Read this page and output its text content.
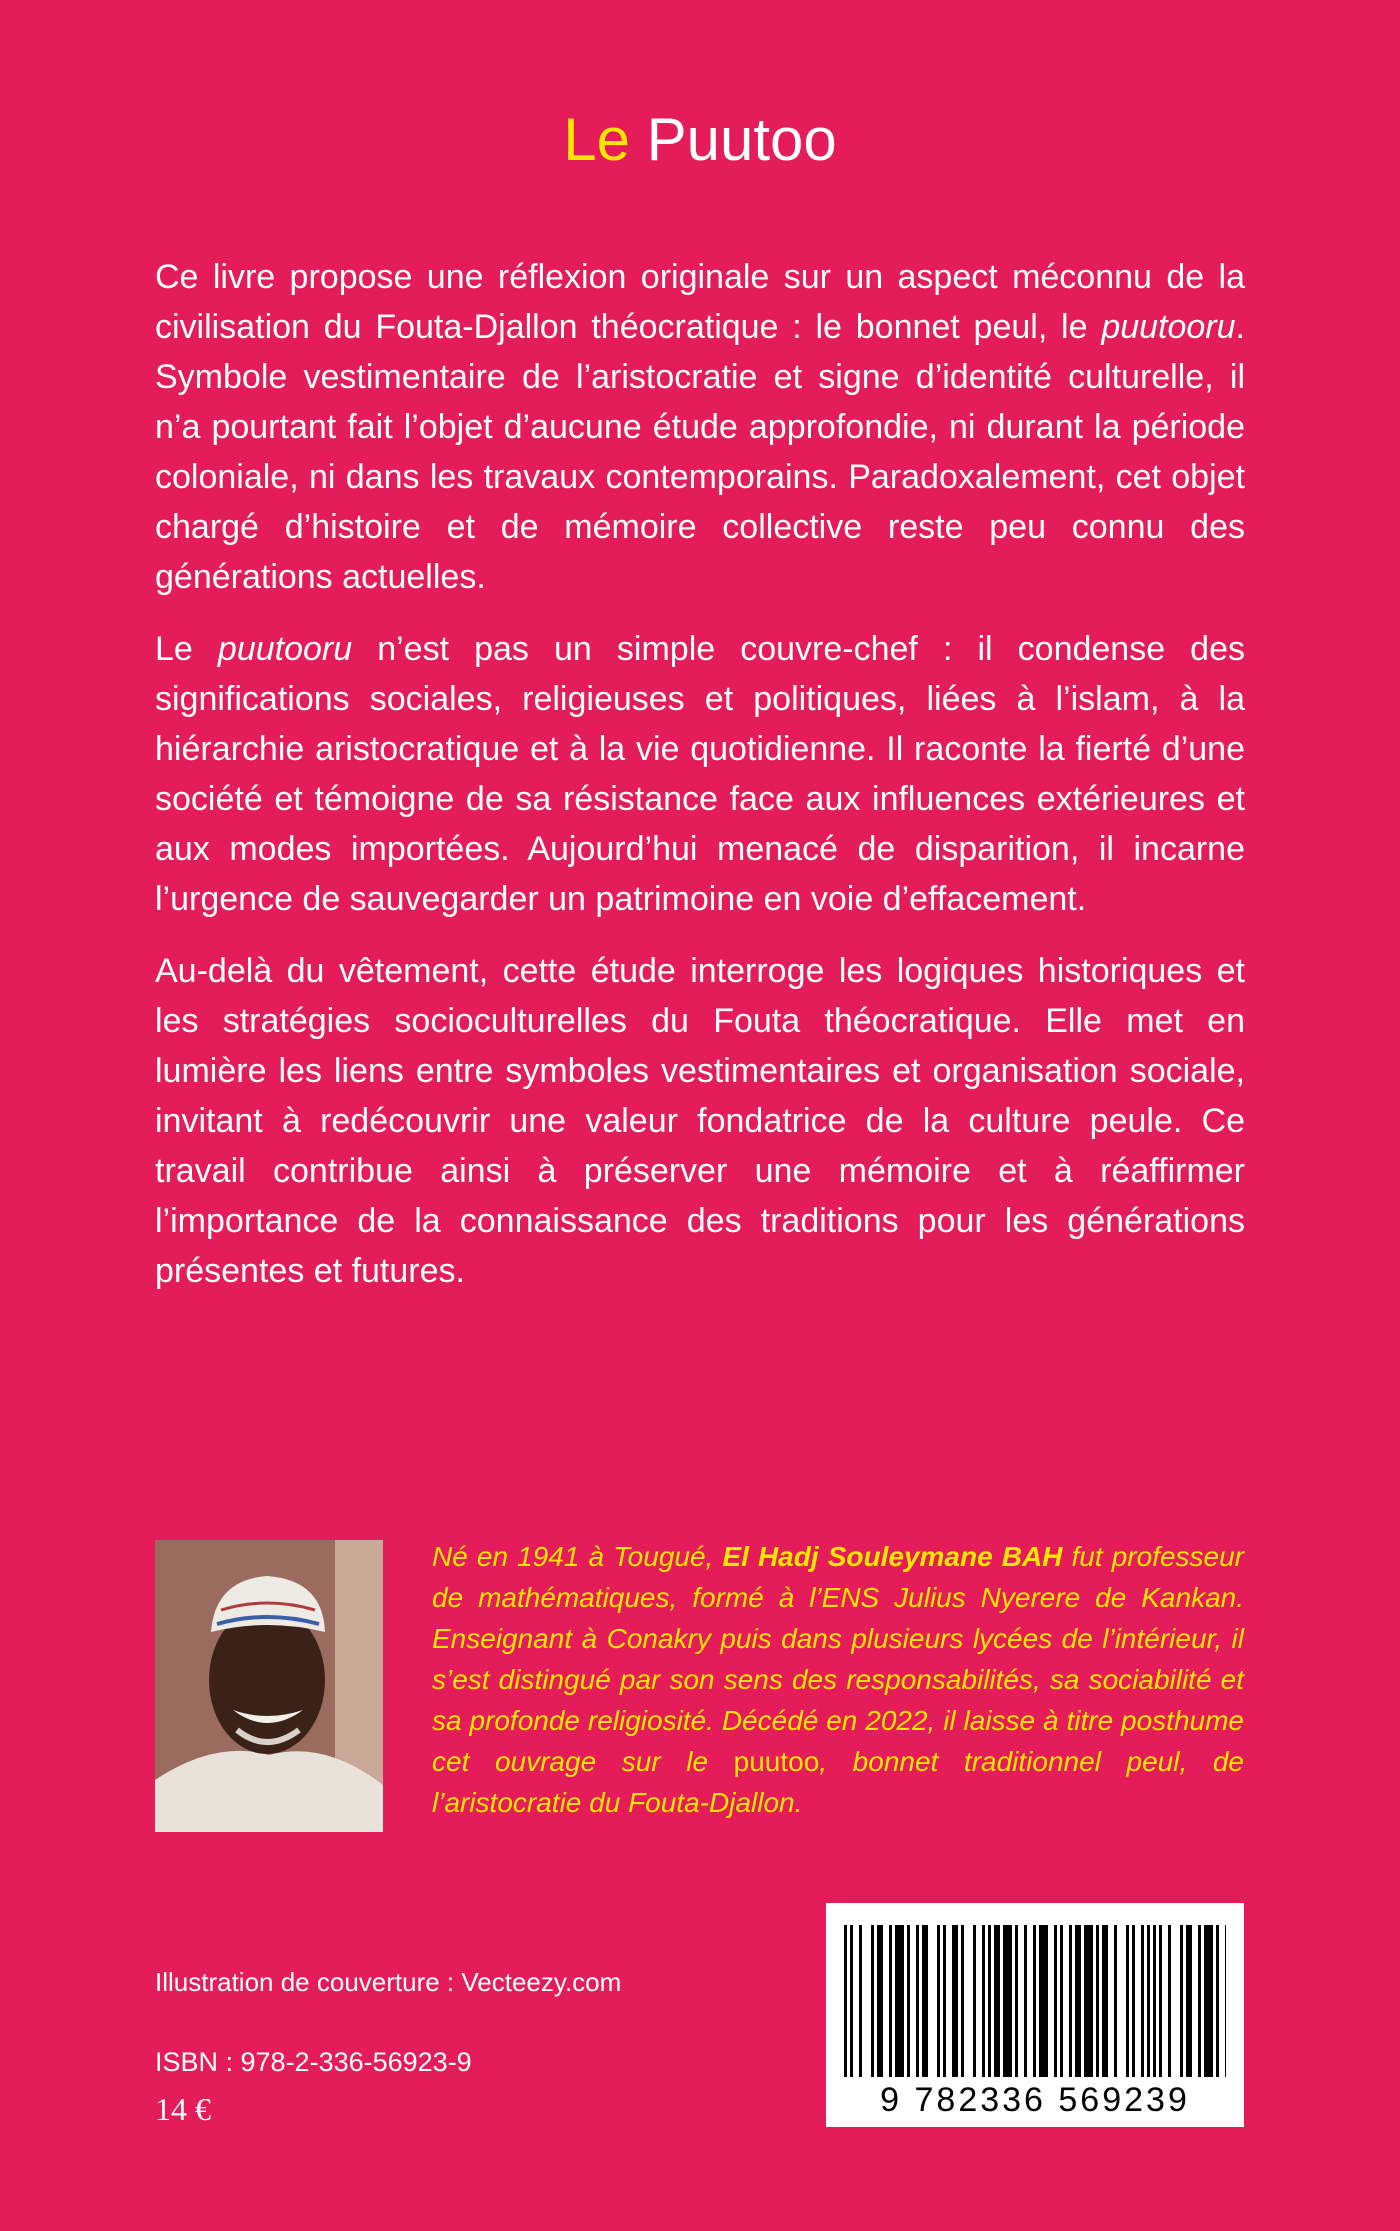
Le Puutoo

Ce livre propose une réflexion originale sur un aspect méconnu de la civilisation du Fouta-Djallon théocratique : le bonnet peul, le puutooru. Symbole vestimentaire de l’aristocratie et signe d’identité culturelle, il n’a pourtant fait l’objet d’aucune étude approfondie, ni durant la période coloniale, ni dans les travaux contemporains. Paradoxalement, cet objet chargé d’histoire et de mémoire collective reste peu connu des générations actuelles.

Le puutooru n’est pas un simple couvre-chef : il condense des significations sociales, religieuses et politiques, liées à l’islam, à la hiérarchie aristocratique et à la vie quotidienne. Il raconte la fierté d’une société et témoigne de sa résistance face aux influences extérieures et aux modes importées. Aujourd’hui menacé de disparition, il incarne l’urgence de sauvegarder un patrimoine en voie d’effacement.

Au-delà du vêtement, cette étude interroge les logiques historiques et les stratégies socioculturelles du Fouta théocratique. Elle met en lumière les liens entre symboles vestimentaires et organisation sociale, invitant à redécouvrir une valeur fondatrice de la culture peule. Ce travail contribue ainsi à préserver une mémoire et à réaffirmer l’importance de la connaissance des traditions pour les générations présentes et futures.

Né en 1941 à Tougué, El Hadj Souleymane BAH fut professeur de mathématiques, formé à l’ENS Julius Nyerere de Kankan. Enseignant à Conakry puis dans plusieurs lycées de l’intérieur, il s’est distingué par son sens des responsabilités, sa sociabilité et sa profonde religiosité. Décédé en 2022, il laisse à titre posthume cet ouvrage sur le puutoo, bonnet traditionnel peul, de l’aristocratie du Fouta-Djallon.

Illustration de couverture : Vecteezy.com

ISBN : 978-2-336-56923-9

14 €	9 782336 569239
